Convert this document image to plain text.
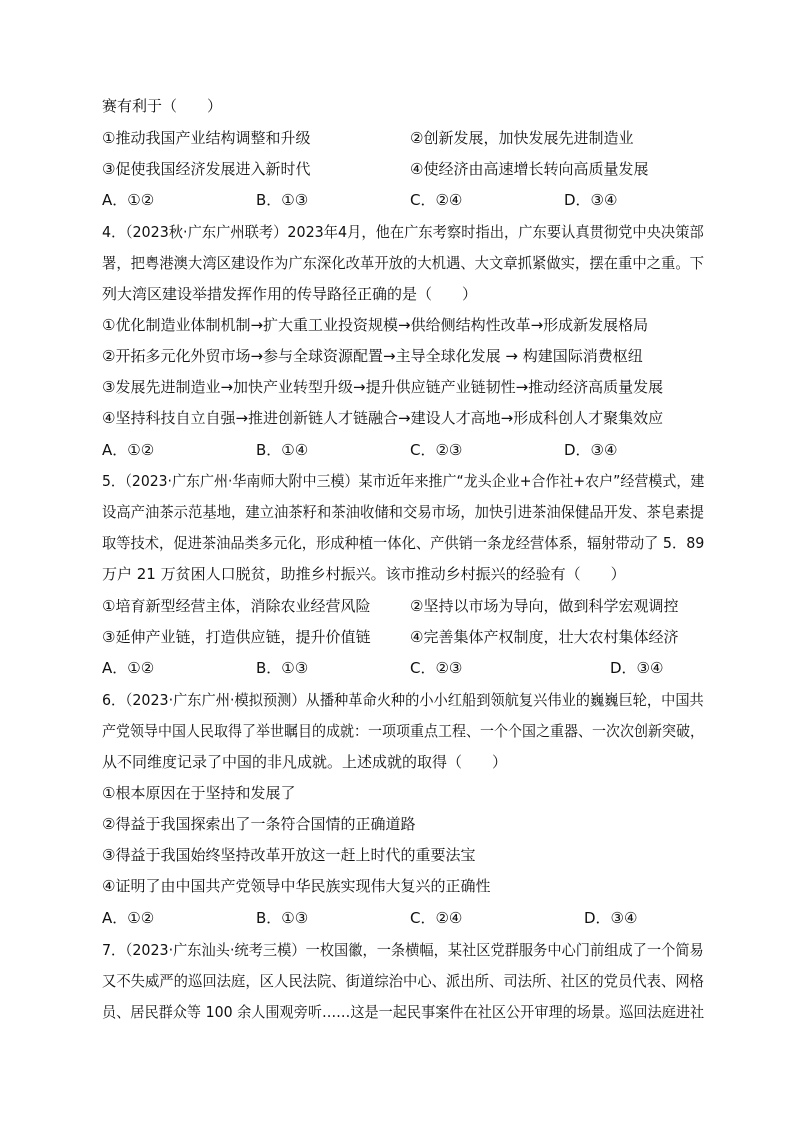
赛有利于（　　）
①推动我国产业结构调整和升级	②创新发展，加快发展先进制造业
③促使我国经济发展进入新时代	④使经济由高速增长转向高质量发展
A．①②	B．①③	C．②④	D．③④
4．（2023秋·广东广州联考）2023年4月，他在广东考察时指出，广东要认真贯彻党中央决策部
署，把粤港澳大湾区建设作为广东深化改革开放的大机遇、大文章抓紧做实，摆在重中之重。下
列大湾区建设举措发挥作用的传导路径正确的是（　　）
①优化制造业体制机制→扩大重工业投资规模→供给侧结构性改革→形成新发展格局
②开拓多元化外贸市场→参与全球资源配置→主导全球化发展 → 构建国际消费枢纽
③发展先进制造业→加快产业转型升级→提升供应链产业链韧性→推动经济高质量发展
④坚持科技自立自强→推进创新链人才链融合→建设人才高地→形成科创人才聚集效应
A．①②	B．①④	C．②③	D．③④
5．（2023·广东广州·华南师大附中三模）某市近年来推广“龙头企业+合作社+农户”经营模式，建
设高产油茶示范基地，建立油茶籽和茶油收储和交易市场，加快引进茶油保健品开发、茶皂素提
取等技术，促进茶油品类多元化，形成种植一体化、产供销一条龙经营体系，辐射带动了 5．89
万户 21 万贫困人口脱贫，助推乡村振兴。该市推动乡村振兴的经验有（　　）
①培育新型经营主体，消除农业经营风险	②坚持以市场为导向，做到科学宏观调控
③延伸产业链，打造供应链，提升价值链	④完善集体产权制度，壮大农村集体经济
A．①②	B．①③	C．②③	D．③④
6．（2023·广东广州·模拟预测）从播种革命火种的小小红船到领航复兴伟业的巍巍巨轮，中国共
产党领导中国人民取得了举世瞩目的成就：一项项重点工程、一个个国之重器、一次次创新突破，
从不同维度记录了中国的非凡成就。上述成就的取得（　　）
①根本原因在于坚持和发展了
②得益于我国探索出了一条符合国情的正确道路
③得益于我国始终坚持改革开放这一赶上时代的重要法宝
④证明了由中国共产党领导中华民族实现伟大复兴的正确性
A．①②	B．①③	C．②④	D．③④
7．（2023·广东汕头·统考三模）一枚国徽，一条横幅，某社区党群服务中心门前组成了一个简易
又不失威严的巡回法庭，区人民法院、街道综治中心、派出所、司法所、社区的党员代表、网格
员、居民群众等 100 余人围观旁听……这是一起民事案件在社区公开审理的场景。巡回法庭进社
